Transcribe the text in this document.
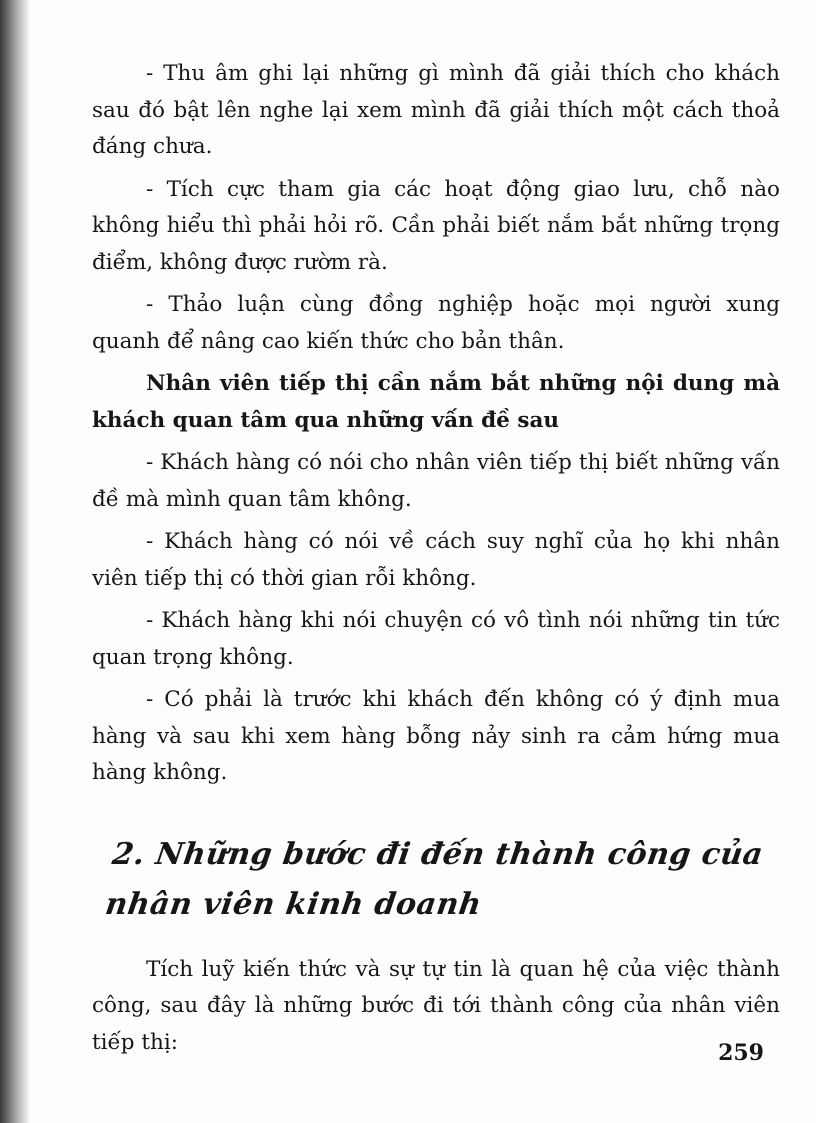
- Thu âm ghi lại những gì mình đã giải thích cho khách sau đó bật lên nghe lại xem mình đã giải thích một cách thoả đáng chưa.

- Tích cực tham gia các hoạt động giao lưu, chỗ nào không hiểu thì phải hỏi rõ. Cần phải biết nắm bắt những trọng điểm, không được rườm rà.

- Thảo luận cùng đồng nghiệp hoặc mọi người xung quanh để nâng cao kiến thức cho bản thân.

Nhân viên tiếp thị cần nắm bắt những nội dung mà khách quan tâm qua những vấn đề sau

- Khách hàng có nói cho nhân viên tiếp thị biết những vấn đề mà mình quan tâm không.

- Khách hàng có nói về cách suy nghĩ của họ khi nhân viên tiếp thị có thời gian rỗi không.

- Khách hàng khi nói chuyện có vô tình nói những tin tức quan trọng không.

- Có phải là trước khi khách đến không có ý định mua hàng và sau khi xem hàng bỗng nảy sinh ra cảm hứng mua hàng không.

2. Những bước đi đến thành công của nhân viên kinh doanh

Tích luỹ kiến thức và sự tự tin là quan hệ của việc thành công, sau đây là những bước đi tới thành công của nhân viên tiếp thị:	259
